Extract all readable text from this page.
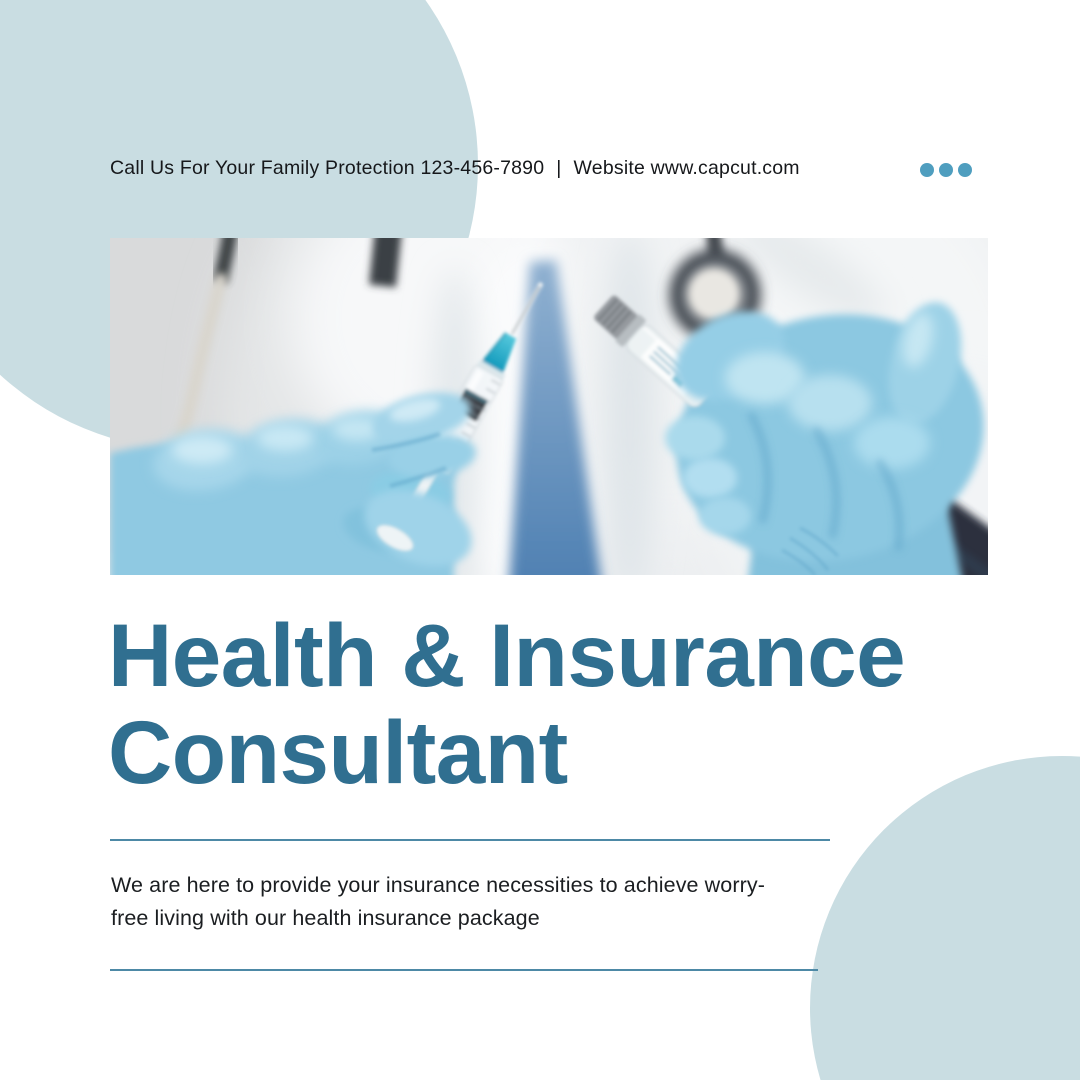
Call Us For Your Family Protection 123-456-7890 | Website www.capcut.com
Health & Insurance
Consultant
We are here to provide your insurance necessities to achieve worry-free living with our health insurance package
